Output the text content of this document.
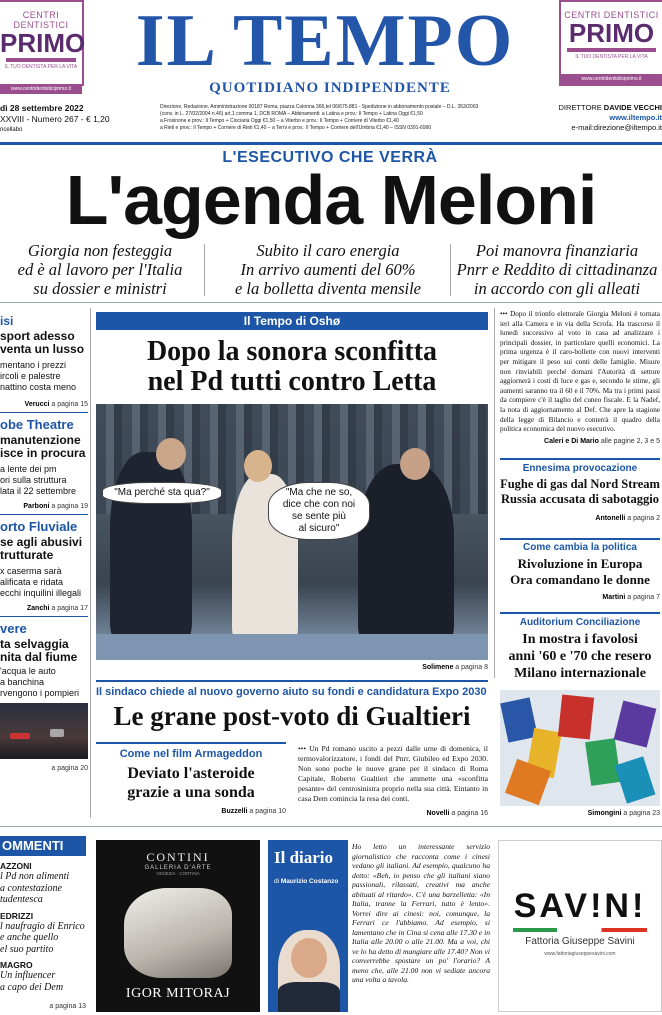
CENTRI DENTISTICI
PRIMO
IL TUO DENTISTA PER LA VITA
www.centridentisticiprimo.it
CENTRI DENTISTICI
PRIMO
IL TUO DENTISTA PER LA VITA
www.centridentisticiprimo.it
IL TEMPO
QUOTIDIANO INDIPENDENTE
dì 28 settembre 2022
XXVIII - Numero 267 - € 1,20
ncellabo
Direzione, Redazione, Amministrazione 00187 Roma, piazza Colonna 366,tel 06/675.881 - Spedizione in abbonamento postale – D.L. 353/2003
(conv. in L. 27/02/2004 n.46) art.1 comma 1, DCB ROMA – Abbinamenti: a Latina e prov.: Il Tempo + Latina Oggi €1,50
a Frosinone e prov.: Il Tempo + Ciociaria Oggi €1,50 – a Viterbo e prov.: Il Tempo + Corriere di Viterbo €1,40
a Rieti e prov.: Il Tempo + Corriere di Rieti €1,40 – a Terni e prov.: Il Tempo + Corriere dell'Umbria €1,40 – ISSN 0391-6990
DIRETTORE DAVIDE VECCHI
www.iltempo.it
e-mail:direzione@iltempo.it
L'ESECUTIVO CHE VERRÀ
L'agenda Meloni
Giorgia non festeggia
ed è al lavoro per l'Italia
su dossier e ministri
Subito il caro energia
In arrivo aumenti del 60%
e la bolletta diventa mensile
Poi manovra finanziaria
Pnrr e Reddito di cittadinanza
in accordo con gli alleati
isi
sport adesso
venta un lusso
mentano i prezzi
ircoli e palestre
nattino costa meno
Verucci a pagina 15
obe Theatre
manutenzione
isce in procura
a lente dei pm
ori sulla struttura
lata il 22 settembre
Parboni a pagina 19
orto Fluviale
se agli abusivi
trutturate
x caserma sarà
alificata e ridata
ecchi inquilini illegali
Zanchi a pagina 17
vere
ta selvaggia
nita dal fiume
'acqua le auto
a banchina
rvengono i pompieri
a pagina 20
Il Tempo di Oshø
Dopo la sonora sconfitta
nel Pd tutti contro Letta
"Ma perché sta qua?"	"Ma che ne so,
dice che con noi
se sente più
al sicuro"
Solimene a pagina 8
••• Dopo il trionfo elettorale Giorgia Meloni è tornata ieri alla Camera e in via della Scrofa. Ha trascorso il lunedì successivo al voto in casa ad analizzare i principali dossier, in particolare quelli economici. La prima urgenza è il caro-bollette con nuovi interventi per mitigare il peso sui conti delle famiglie. Misure non rinviabili perché domani l'Autorità di settore aggiornerà i costi di luce e gas e, secondo le stime, gli aumenti saranno tra il 60 e il 70%. Ma tra i primi passi da compiere c'è il taglio del cuneo fiscale. E la Nadef, la nota di aggiornamento al Def. Che apre la stagione della legge di Bilancio e conterrà il quadro della politica economica del nuovo esecutivo.
Caleri e Di Mario alle pagine 2, 3 e 5
Ennesima provocazione
Fughe di gas dal Nord Stream
Russia accusata di sabotaggio
Antonelli a pagina 2
Come cambia la politica
Rivoluzione in Europa
Ora comandano le donne
Martini a pagina 7
Auditorium Conciliazione
In mostra i favolosi
anni '60 e '70 che resero
Milano internazionale
Simongini a pagina 23
Il sindaco chiede al nuovo governo aiuto su fondi e candidatura Expo 2030
Le grane post-voto di Gualtieri
Come nel film Armageddon
Deviato l'asteroide
grazie a una sonda
Buzzelli a pagina 10
••• Un Pd romano uscito a pezzi dalle urne di domenica, il termovalorizzatore, i fondi del Pnrr, Giubileo ed Expo 2030. Non sono poche le nuove grane per il sindaco di Roma Capitale, Roberto Gualtieri che ammette una «sconfitta pesante» del centrosinistra proprio nella sua città. Eintanto in casa Dem comincia la resa dei conti.
Novelli a pagina 16
OMMENTI
AZZONI
l Pd non alimenti
a contestazione
tudentesca
EDRIZZI
l naufragio di Enrico
e anche quello
el suo partito
MAGRO
Un influencer
a capo dei Dem
a pagina 13
CONTINI
GALLERIA D'ARTE
VENEZIA · CORTINA
IGOR MITORAJ
Il diario
di Maurizio Costanzo
Ho letto un interessante servizio giornalistico che racconta come i cinesi vedano gli italiani. Ad esempio, qualcuno ha detto: «Beh, io penso che gli italiani siano passionali, rilassati, creativi ma anche abituati al ritardo». C'è una barzelletta: «In Italia, tranne la Ferrari, tutto è lento». Vorrei dire ai cinesi: noi, comunque, la Ferrari ce l'abbiamo. Ad esempio, si lamentano che in Cina si cena alle 17.30 e in Italia alle 20.00 o alle 21.00. Ma a voi, chi ve lo ha detto di mangiare alle 17.40? Non vi converrebbe spostare un po' l'orario? A meno che, alle 21.00 non vi sediate ancora una volta a tavola.
SAV!N!
Fattoria Giuseppe Savini
www.fattoriagiuseppesavini.com
